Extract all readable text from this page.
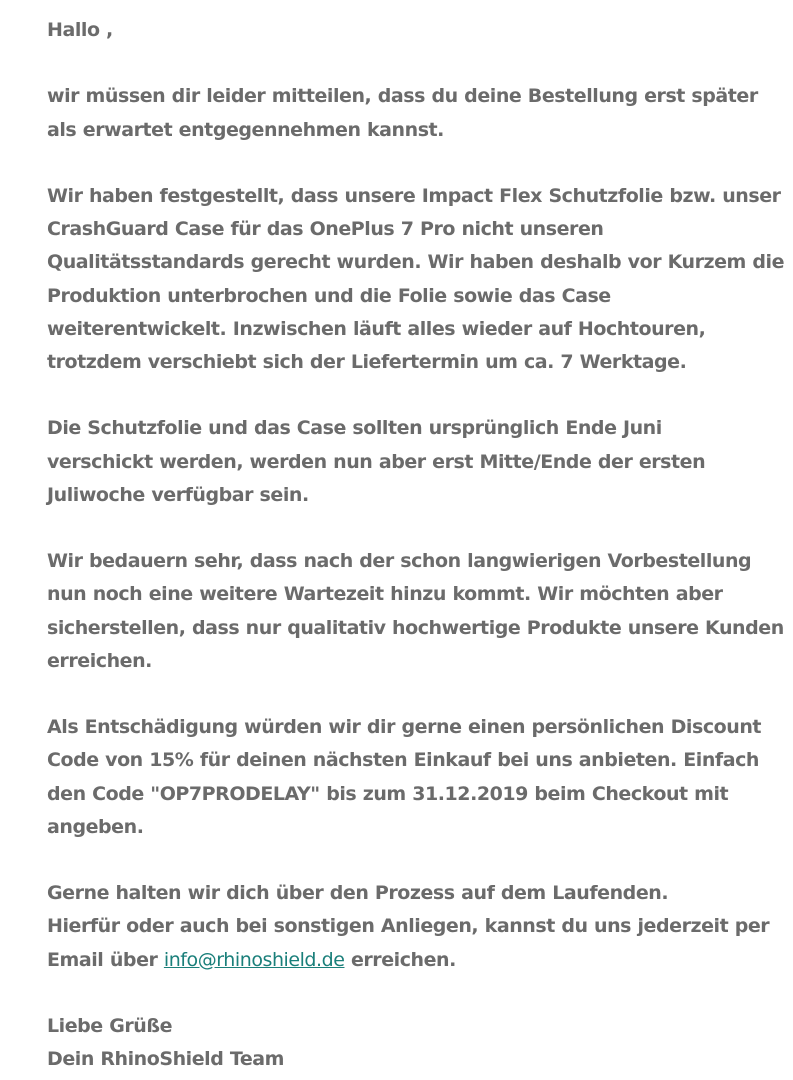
Hallo ,

wir müssen dir leider mitteilen, dass du deine Bestellung erst später
als erwartet entgegennehmen kannst.

Wir haben festgestellt, dass unsere Impact Flex Schutzfolie bzw. unser
CrashGuard Case für das OnePlus 7 Pro nicht unseren
Qualitätsstandards gerecht wurden. Wir haben deshalb vor Kurzem die
Produktion unterbrochen und die Folie sowie das Case
weiterentwickelt. Inzwischen läuft alles wieder auf Hochtouren,
trotzdem verschiebt sich der Liefertermin um ca. 7 Werktage.

Die Schutzfolie und das Case sollten ursprünglich Ende Juni
verschickt werden, werden nun aber erst Mitte/Ende der ersten
Juliwoche verfügbar sein.

Wir bedauern sehr, dass nach der schon langwierigen Vorbestellung
nun noch eine weitere Wartezeit hinzu kommt. Wir möchten aber
sicherstellen, dass nur qualitativ hochwertige Produkte unsere Kunden
erreichen.

Als Entschädigung würden wir dir gerne einen persönlichen Discount
Code von 15% für deinen nächsten Einkauf bei uns anbieten. Einfach
den Code "OP7PRODELAY" bis zum 31.12.2019 beim Checkout mit
angeben.

Gerne halten wir dich über den Prozess auf dem Laufenden.
Hierfür oder auch bei sonstigen Anliegen, kannst du uns jederzeit per
Email über info@rhinoshield.de erreichen.

Liebe Grüße
Dein RhinoShield Team
